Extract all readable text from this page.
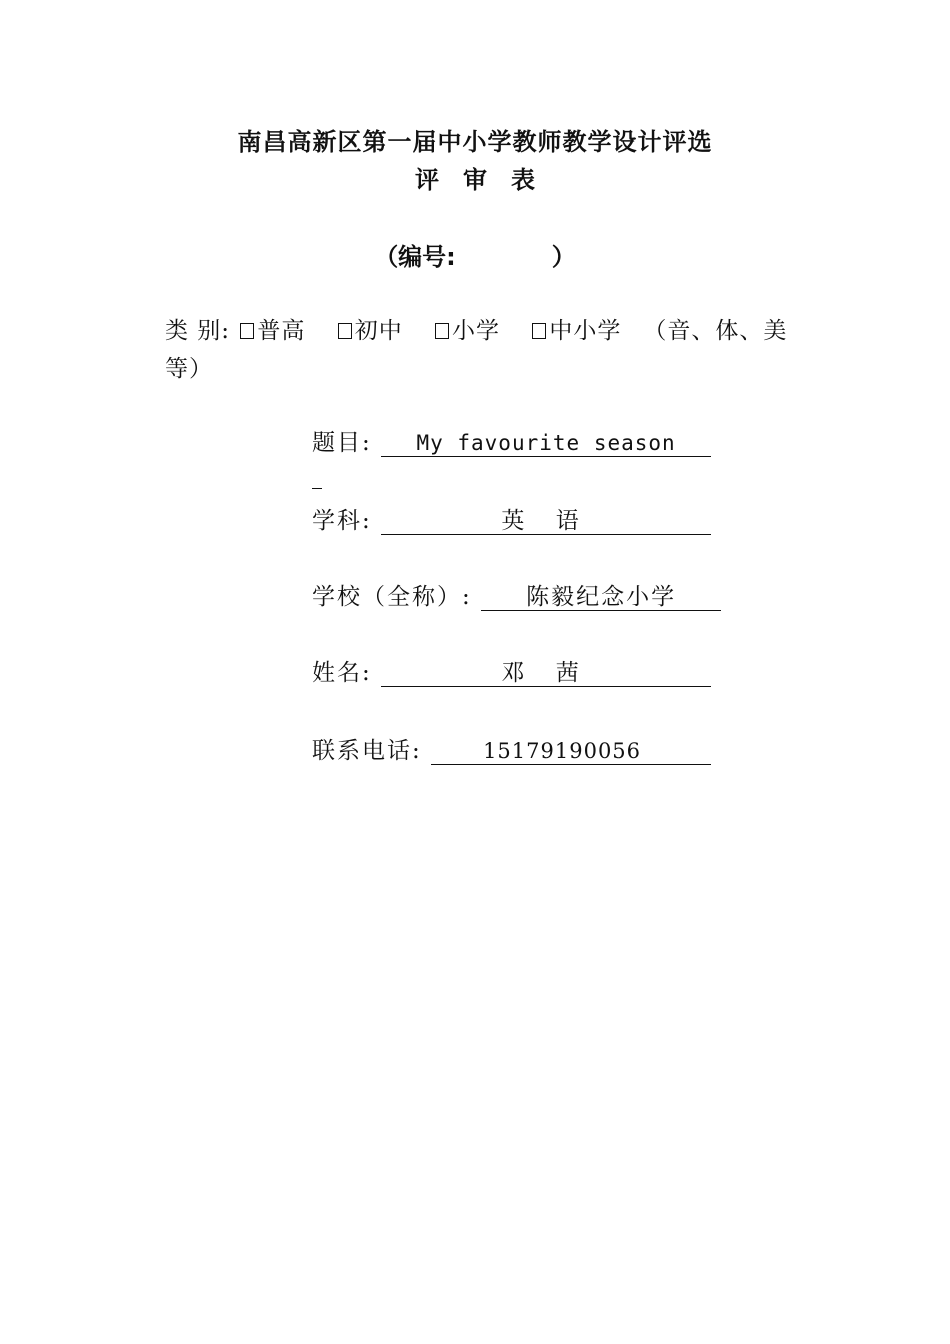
南昌高新区第一届中小学教师教学设计评选
评　审　表
（编号:	）
类 别: 普高 初中 小学 中小学 （音、体、美等）
题目: My favourite season
学科:	英 语
学校（全称）: 陈毅纪念小学
姓名:	邓 茜
联系电话:	15179190056
